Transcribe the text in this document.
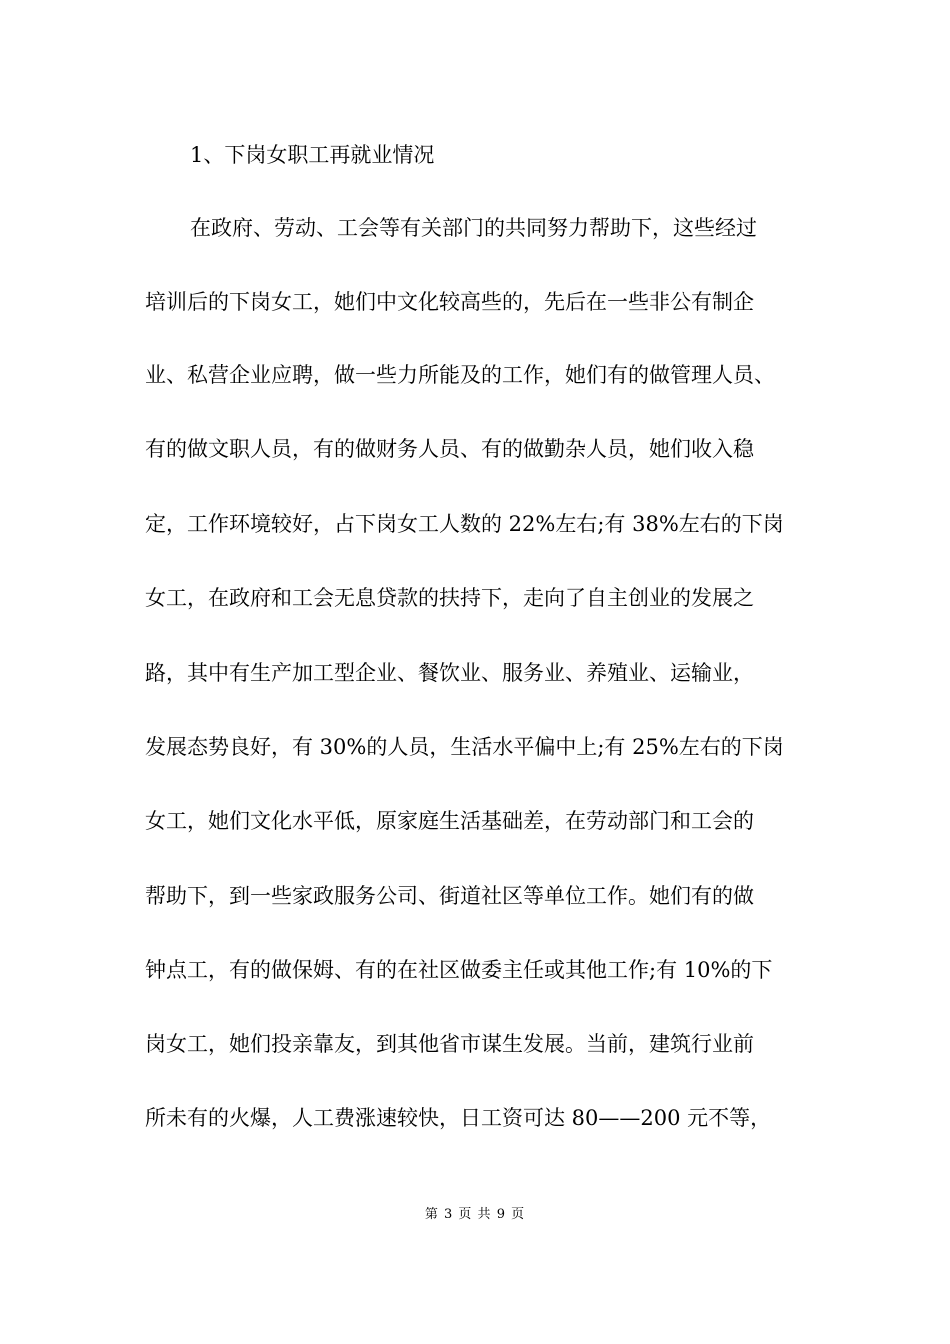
1、下岗女职工再就业情况
在政府、劳动、工会等有关部门的共同努力帮助下，这些经过
培训后的下岗女工，她们中文化较高些的，先后在一些非公有制企
业、私营企业应聘，做一些力所能及的工作，她们有的做管理人员、
有的做文职人员，有的做财务人员、有的做勤杂人员，她们收入稳
定，工作环境较好，占下岗女工人数的 22%左右;有 38%左右的下岗
女工，在政府和工会无息贷款的扶持下，走向了自主创业的发展之
路，其中有生产加工型企业、餐饮业、服务业、养殖业、运输业，
发展态势良好，有 30%的人员，生活水平偏中上;有 25%左右的下岗
女工，她们文化水平低，原家庭生活基础差，在劳动部门和工会的
帮助下，到一些家政服务公司、街道社区等单位工作。她们有的做
钟点工，有的做保姆、有的在社区做委主任或其他工作;有 10%的下
岗女工，她们投亲靠友，到其他省市谋生发展。当前，建筑行业前
所未有的火爆，人工费涨速较快，日工资可达 80——200 元不等，
第 3 页 共 9 页
